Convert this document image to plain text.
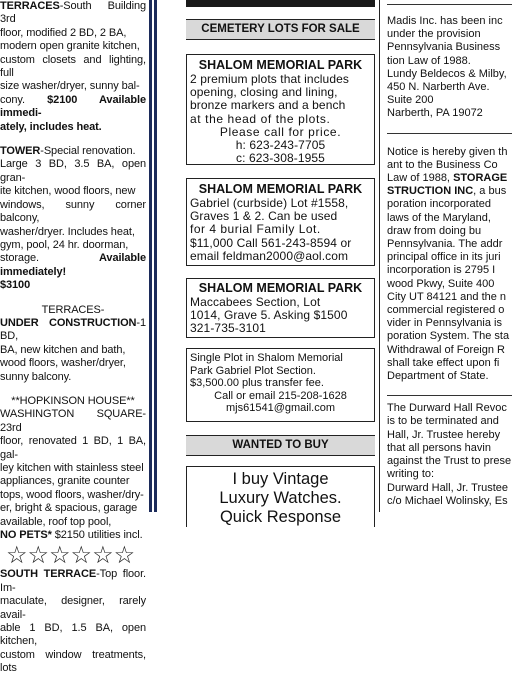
TERRACES-South Building 3rd

floor, modified 2 BD, 2 BA,

modern open granite kitchen,

custom closets and lighting, full

size washer/dryer, sunny bal-

cony. $2100 Available immedi-

ately, includes heat.

TOWER-Special renovation.

Large 3 BD, 3.5 BA, open gran-

ite kitchen, wood floors, new

windows, sunny corner balcony,

washer/dryer. Includes heat,

gym, pool, 24 hr. doorman,

storage.	Available immediately!

$3100

TERRACES-

UNDER CONSTRUCTION-1 BD,

BA, new kitchen and bath,

wood floors, washer/dryer,

sunny balcony.

**HOPKINSON HOUSE**

WASHINGTON SQUARE- 23rd

floor, renovated 1 BD, 1 BA, gal-

ley kitchen with stainless steel

appliances, granite counter

tops, wood floors, washer/dry-

er, bright & spacious, garage

available, roof top pool,

NO PETS* $2150 utilities incl.

☆☆☆☆☆☆

SOUTH TERRACE-Top floor. Im-

maculate, designer, rarely avail-

able 1 BD, 1.5 BA, open kitchen,

custom window treatments, lots

CEMETERY LOTS FOR SALE
SHALOM MEMORIAL PARK
2 premium plots that includes
opening, closing and lining,
bronze markers and a bench
at the head of the plots.
Please call for price.
h: 623-243-7705
c: 623-308-1955
SHALOM MEMORIAL PARK
Gabriel (curbside) Lot #1558,
Graves 1 & 2. Can be used
for 4 burial Family Lot.
$11,000 Call 561-243-8594 or
email feldman2000@aol.com
SHALOM MEMORIAL PARK
Maccabees Section, Lot
1014, Grave 5. Asking $1500
321-735-3101
Single Plot in Shalom Memorial
Park Gabriel Plot Section.
$3,500.00 plus transfer fee.
Call or email 215-208-1628
mjs61541@gmail.com
WANTED TO BUY
I buy Vintage
Luxury Watches.
Quick Response

Madis Inc. has been inc

under the provision

Pennsylvania Business

tion Law of 1988.

Lundy Beldecos & Milby,

450 N. Narberth Ave.

Suite 200

Narberth, PA 19072

Notice is hereby given th

ant to the Business Co

Law of 1988, STORAGE

STRUCTION INC, a bus

poration incorporated

laws of the Maryland,

draw from doing bu

Pennsylvania. The addr

principal office in its juri

incorporation is 2795 I

wood Pkwy, Suite 400

City UT 84121 and the n

commercial registered o

vider in Pennsylvania is

poration System. The sta

Withdrawal of Foreign R

shall take effect upon fi

Department of State.

The Durward Hall Revoc

is to be terminated and

Hall, Jr. Trustee hereby

that all persons havin

against the Trust to prese

writing to:

Durward Hall, Jr. Trustee

c/o Michael Wolinsky, Es
